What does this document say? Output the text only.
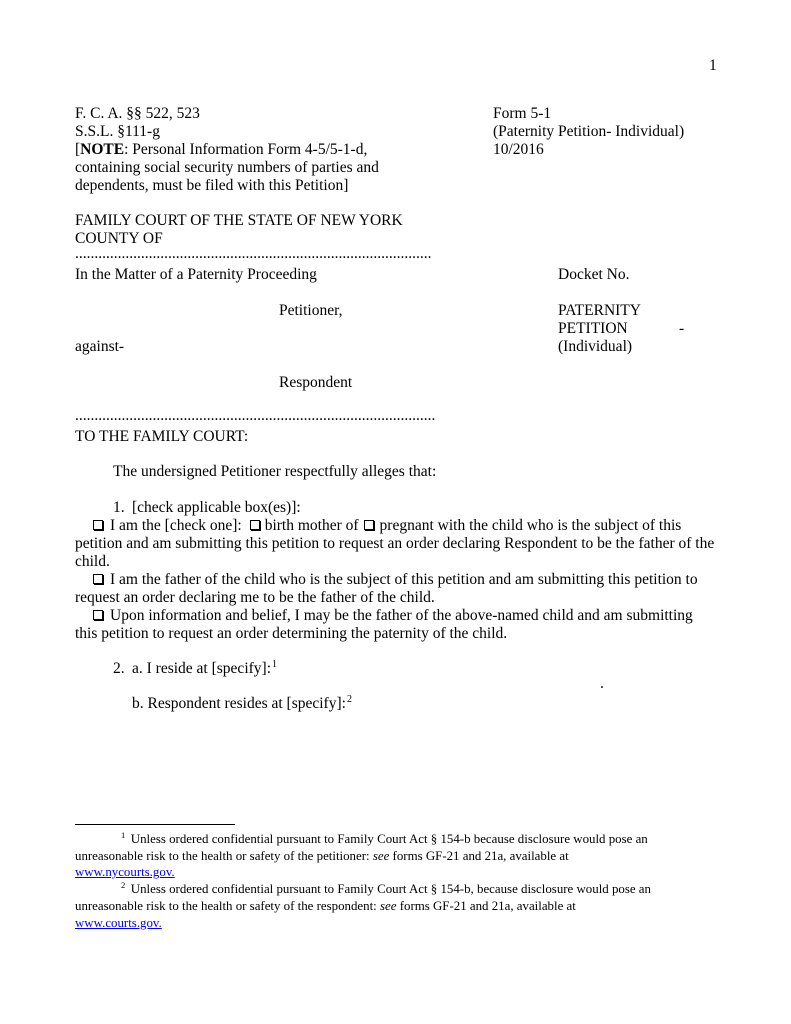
1
F. C. A. §§ 522, 523
S.S.L. §111-g
[NOTE: Personal Information Form 4-5/5-1-d,
containing social security numbers of parties and
dependents, must be filed with this Petition]
Form 5-1
(Paternity Petition- Individual)
10/2016
FAMILY COURT OF THE STATE OF NEW YORK
COUNTY OF
............................................................................................
In the Matter of a Paternity Proceeding	Docket No.
Petitioner,	PATERNITY
PETITION	-
against-	(Individual)
Respondent
.............................................................................................
TO THE FAMILY COURT:
The undersigned Petitioner respectfully alleges that:
1. [check applicable box(es)]:
I am the [check one]: birth mother of pregnant with the child who is the subject of this
petition and am submitting this petition to request an order declaring Respondent to be the father of the
child.
I am the father of the child who is the subject of this petition and am submitting this petition to
request an order declaring me to be the father of the child.
Upon information and belief, I may be the father of the above-named child and am submitting
this petition to request an order determining the paternity of the child.
2. a. I reside at [specify]:$^1$
.
b. Respondent resides at [specify]:$^2$
$^1$ Unless ordered confidential pursuant to Family Court Act § 154-b because disclosure would pose an
unreasonable risk to the health or safety of the petitioner: see forms GF-21 and 21a, available at
www.nycourts.gov.
$^2$ Unless ordered confidential pursuant to Family Court Act § 154-b, because disclosure would pose an
unreasonable risk to the health or safety of the respondent: see forms GF-21 and 21a, available at
www.courts.gov.
